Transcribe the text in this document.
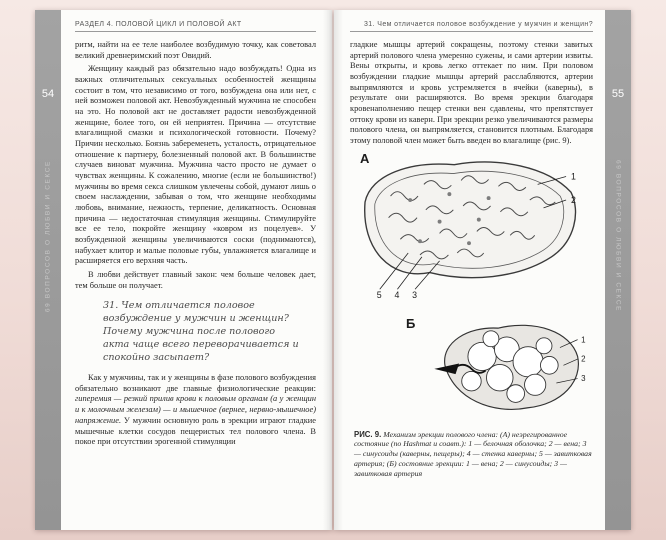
54
69 ВОПРОСОВ О ЛЮБВИ И СЕКСЕ
РАЗДЕЛ 4. ПОЛОВОЙ ЦИКЛ И ПОЛОВОЙ АКТ

ритм, найти на ее теле наиболее возбудимую точку, как советовал великий древнеримский поэт Овидий.

Женщину каждый раз обязательно надо возбуждать! Одна из важных отличительных сексуальных особенностей женщины состоит в том, что независимо от того, возбуждена она или нет, с ней возможен половой акт. Невозбужденный мужчина не способен на это. Но половой акт не доставляет радости невозбужденной женщине, более того, он ей неприятен. Причина — отсутствие влагалищной смазки и психологической готовности. Почему? Причин несколько. Боязнь забеременеть, усталость, отрицательное отношение к партнеру, болезненный половой акт. В большинстве случаев виноват мужчина. Мужчина часто просто не думает о чувствах женщины. К сожалению, многие (если не большинство!) мужчины во время секса слишком увлечены собой, думают лишь о своем наслаждении, забывая о том, что женщине необходимы любовь, внимание, нежность, терпение, деликатность. Основная причина — недостаточная стимуляция женщины. Стимулируйте все ее тело, покройте женщину «ковром из поцелуев». У возбужденной женщины увеличиваются соски (поднимаются), набухает клитор и малые половые губы, увлажняется влагалище и расширяется его верхняя часть.

В любви действует главный закон: чем больше человек дает, тем больше он получает.

31. Чем отличается половое возбуждение у мужчин и женщин? Почему мужчина после полового акта чаще всего переворачивается и спокойно засыпает?

Как у мужчины, так и у женщины в фазе полового возбуждения обязательно возникают две главные физиологические реакции: гиперемия — резкий прилив крови к половым органам (а у женщин и к молочным железам) — и мышечное (вернее, нервно-мышечное) напряжение. У мужчин основную роль в эрекции играют гладкие мышечные клетки сосудов пещеристых тел полового члена. В покое при отсутствии эрогенной стимуляции

31. Чем отличается половое возбуждение у мужчин и женщин?

гладкие мышцы артерий сокращены, поэтому стенки завитых артерий полового члена умеренно сужены, и сами артерии извиты. Вены открыты, и кровь легко оттекает по ним. При половом возбуждении гладкие мышцы артерий расслабляются, артерии выпрямляются и кровь устремляется в ячейки (каверны), в результате они расширяются. Во время эрекции благодаря кровенаполнению пещер стенки вен сдавлены, что препятствует оттоку крови из каверн. При эрекции резко увеличиваются размеры полового члена, он выпрямляется, становится плотным. Благодаря этому половой член может быть введен во влагалище (рис. 9).

А
1
2
3
4
5
Б
1
2
3

РИС. 9. Механизм эрекции полового члена: (А) неэрегированное состояние (по Hashmat и соавт.): 1 — белочная оболочка; 2 — вена; 3 — синусоиды (каверны, пещеры); 4 — стенка каверны; 5 — завитковая артерия; (Б) состояние эрекции: 1 — вена; 2 — синусоиды; 3 — завитковая артерия

55
69 ВОПРОСОВ О ЛЮБВИ И СЕКСЕ
